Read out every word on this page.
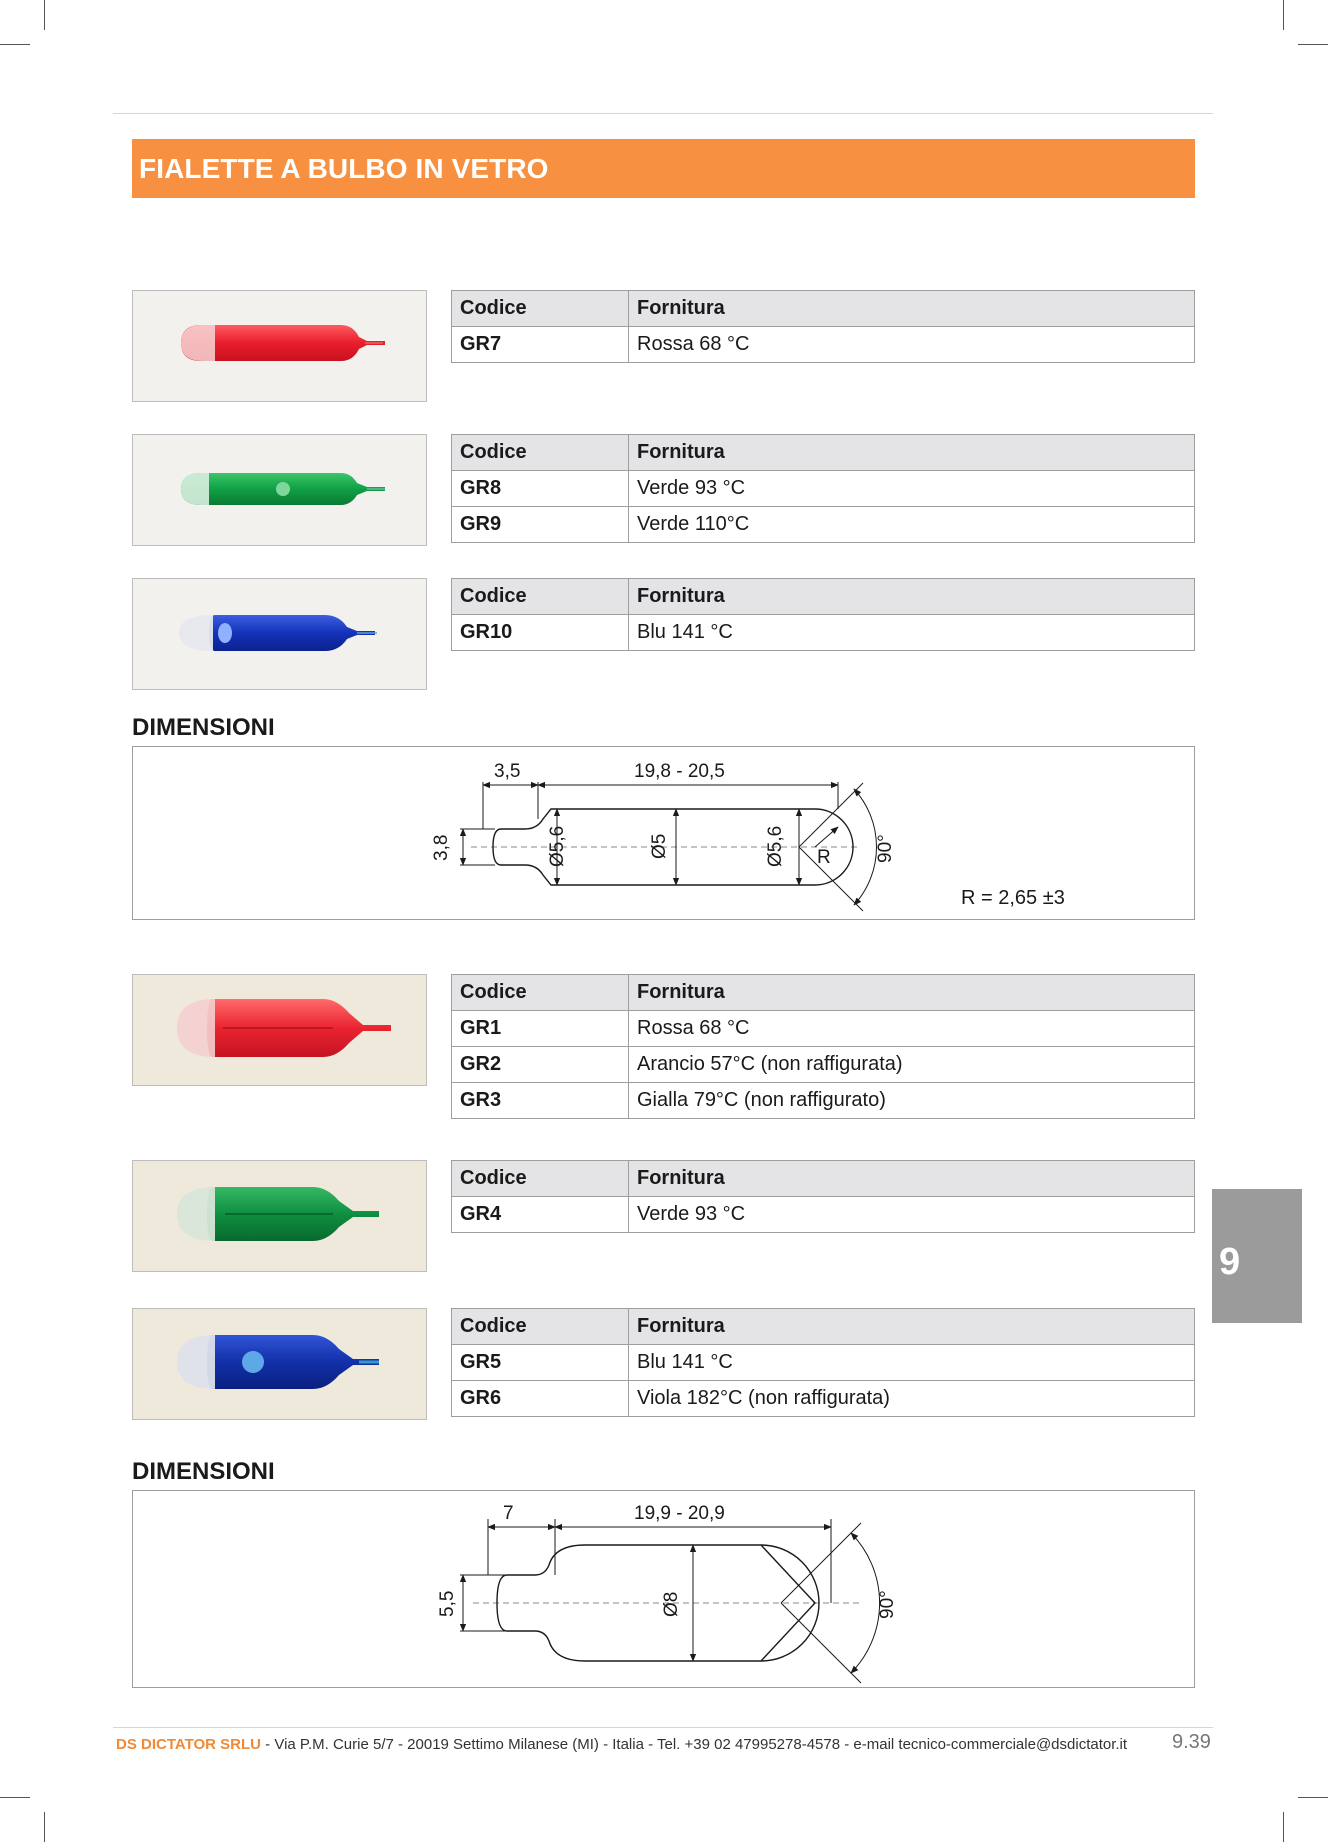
FIALETTE A BULBO IN VETRO
Codice	Fornitura
GR7	Rossa 68 °C
Codice	Fornitura
GR8	Verde 93 °C
GR9	Verde 110°C
Codice	Fornitura
GR10	Blu 141 °C
DIMENSIONI
3,5	19,8 - 20,5
3,8	Ø5,6	Ø5	Ø5,6 R 90°
R = 2,65 ±3
Codice	Fornitura
GR1	Rossa 68 °C
GR2	Arancio 57°C (non raffigurata)
GR3	Gialla 79°C (non raffigurato)
Codice	Fornitura
GR4	Verde 93 °C
Codice	Fornitura
GR5	Blu 141 °C
GR6	Viola 182°C (non raffigurata)
DIMENSIONI
7	19,9 - 20,9
5,5	Ø8	90°
9
DS DICTATOR SRLU - Via P.M. Curie 5/7 - 20019 Settimo Milanese (MI) - Italia - Tel. +39 02 47995278-4578 - e-mail tecnico-commerciale@dsdictator.it 9.39
